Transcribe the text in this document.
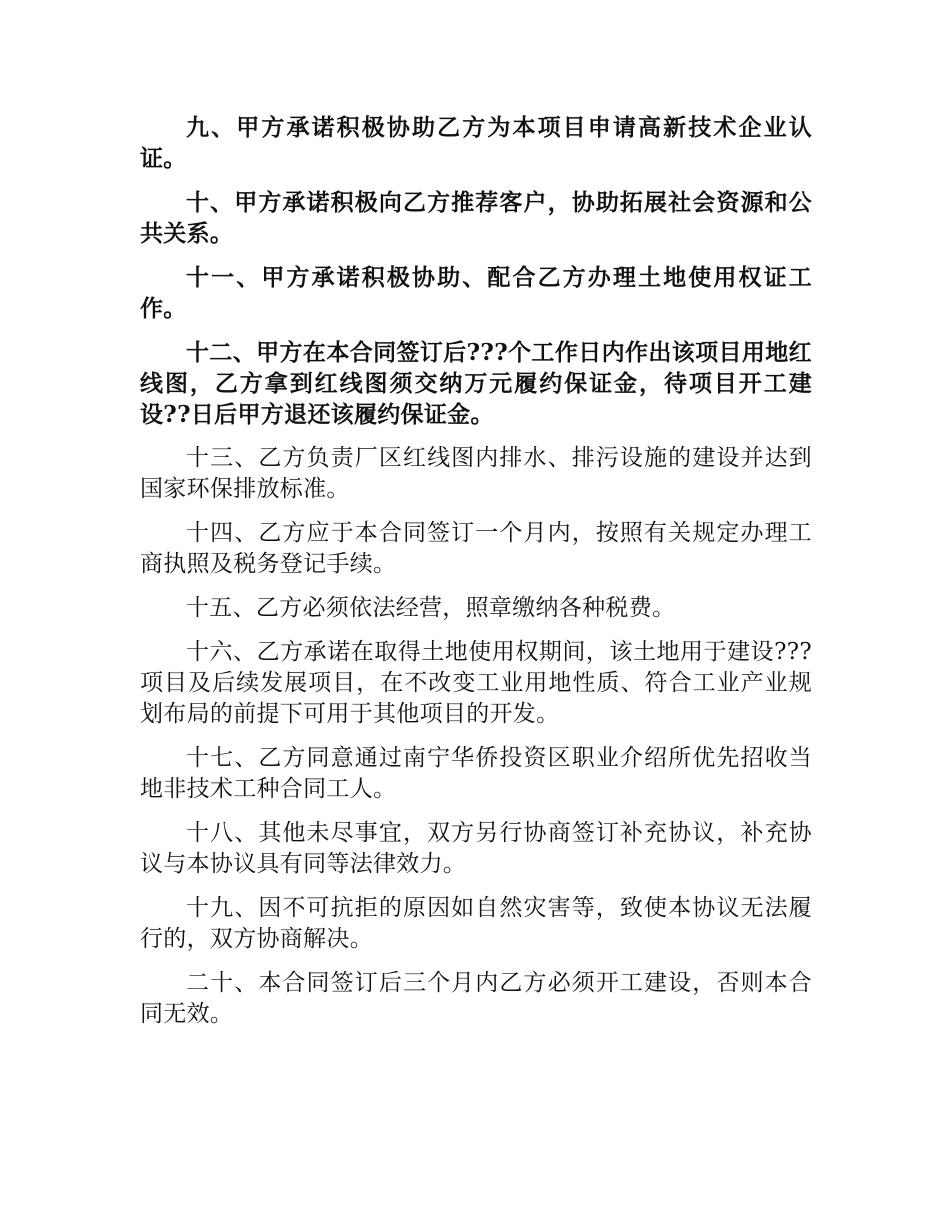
九、甲方承诺积极协助乙方为本项目申请高新技术企业认证。

十、甲方承诺积极向乙方推荐客户，协助拓展社会资源和公共关系。

十一、甲方承诺积极协助、配合乙方办理土地使用权证工作。

十二、甲方在本合同签订后???个工作日内作出该项目用地红线图，乙方拿到红线图须交纳万元履约保证金，待项目开工建设??日后甲方退还该履约保证金。

十三、乙方负责厂区红线图内排水、排污设施的建设并达到国家环保排放标准。

十四、乙方应于本合同签订一个月内，按照有关规定办理工商执照及税务登记手续。

十五、乙方必须依法经营，照章缴纳各种税费。

十六、乙方承诺在取得土地使用权期间，该土地用于建设???项目及后续发展项目，在不改变工业用地性质、符合工业产业规划布局的前提下可用于其他项目的开发。

十七、乙方同意通过南宁华侨投资区职业介绍所优先招收当地非技术工种合同工人。

十八、其他未尽事宜，双方另行协商签订补充协议，补充协议与本协议具有同等法律效力。

十九、因不可抗拒的原因如自然灾害等，致使本协议无法履行的，双方协商解决。

二十、本合同签订后三个月内乙方必须开工建设，否则本合同无效。
